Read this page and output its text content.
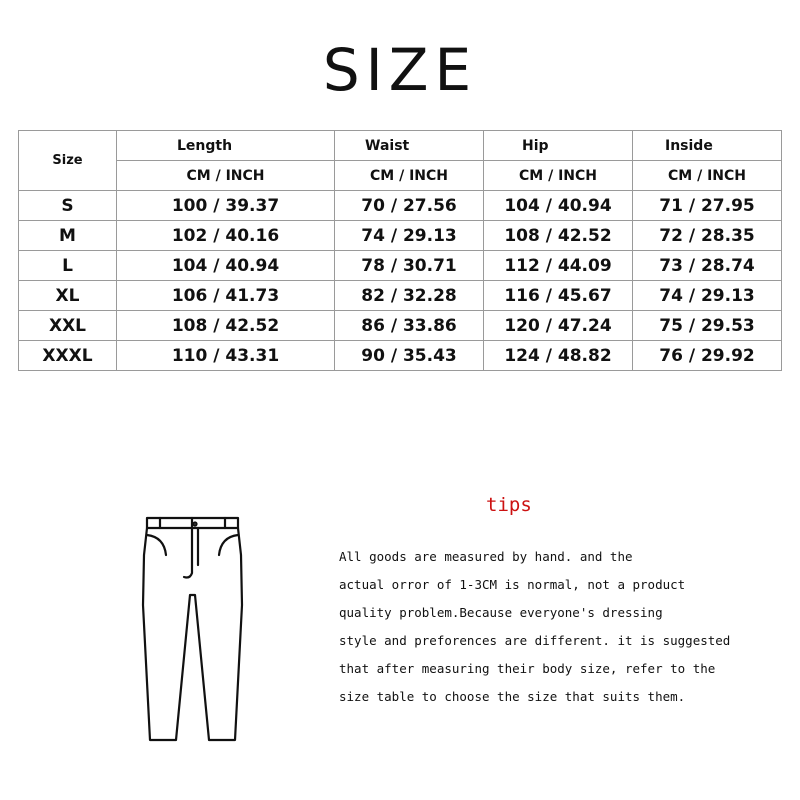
SIZE
Size	Length	Waist	Hip	Inside
	CM / INCH	CM / INCH	CM / INCH	CM / INCH
S	100 / 39.37	70 / 27.56	104 / 40.94	71 / 27.95
M	102 / 40.16	74 / 29.13	108 / 42.52	72 / 28.35
L	104 / 40.94	78 / 30.71	112 / 44.09	73 / 28.74
XL	106 / 41.73	82 / 32.28	116 / 45.67	74 / 29.13
XXL	108 / 42.52	86 / 33.86	120 / 47.24	75 / 29.53
XXXL	110 / 43.31	90 / 35.43	124 / 48.82	76 / 29.92
tips
All goods are measured by hand. and the
actual orror of 1-3CM is normal, not a product
quality problem.Because everyone's dressing
style and preforences are different. it is suggested
that after measuring their body size, refer to the
size table to choose the size that suits them.
